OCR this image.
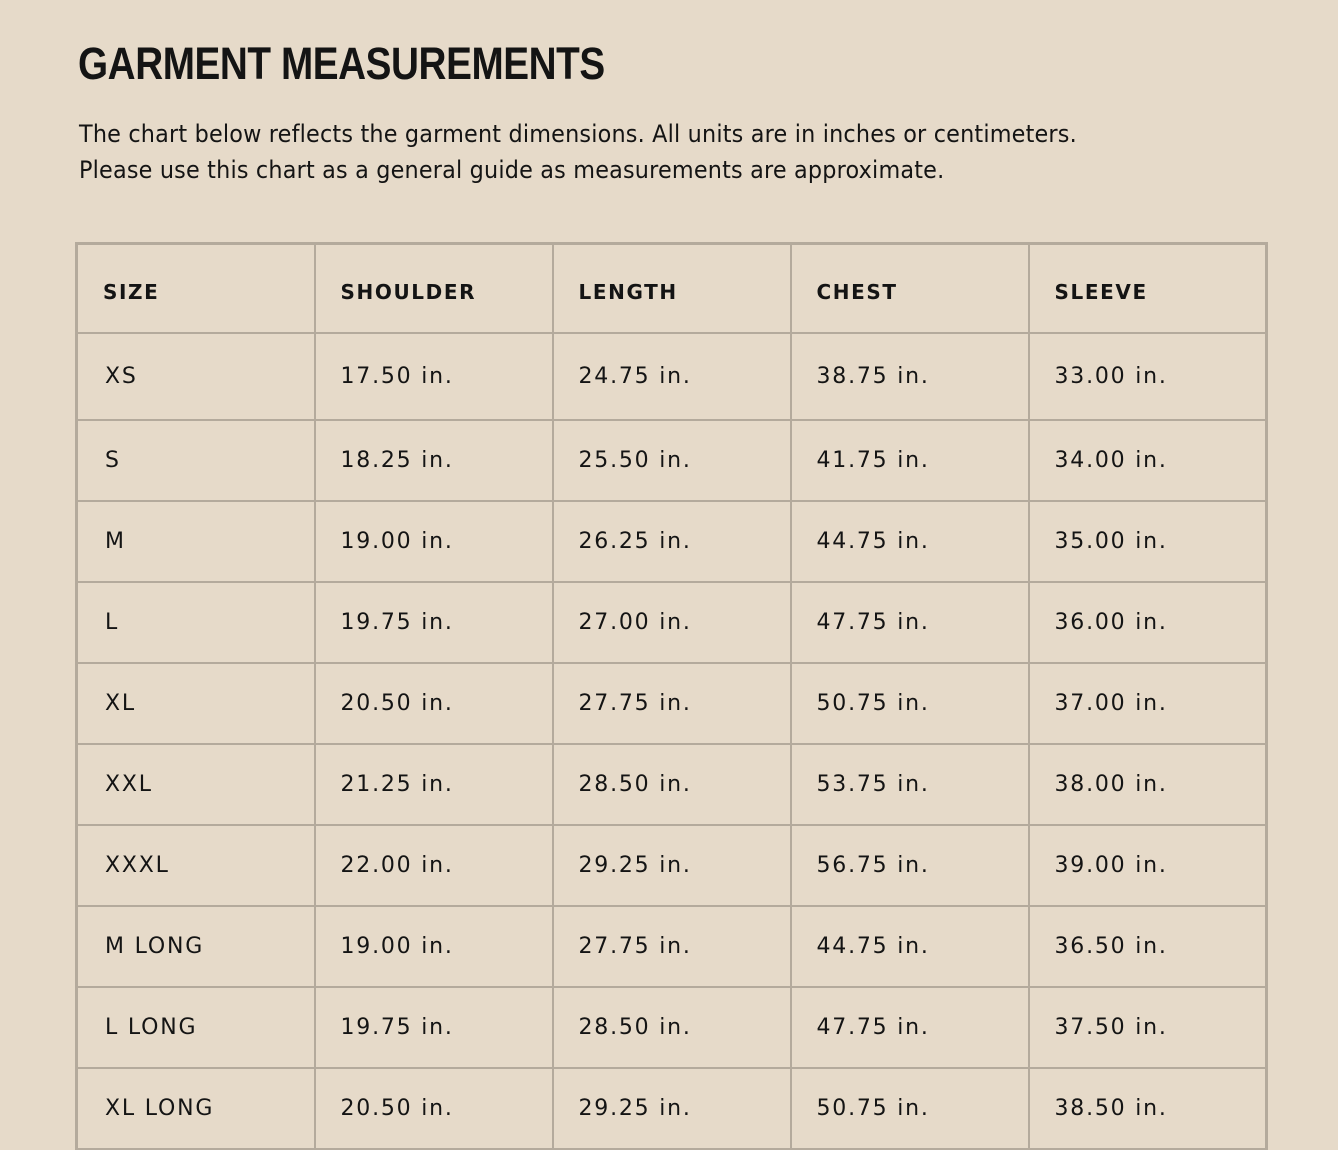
GARMENT MEASUREMENTS

The chart below reflects the garment dimensions. All units are in inches or centimeters.

Please use this chart as a general guide as measurements are approximate.

SIZE	SHOULDER	LENGTH	CHEST	SLEEVE
XS	17.50 in.	24.75 in.	38.75 in.	33.00 in.
S	18.25 in.	25.50 in.	41.75 in.	34.00 in.
M	19.00 in.	26.25 in.	44.75 in.	35.00 in.
L	19.75 in.	27.00 in.	47.75 in.	36.00 in.
XL	20.50 in.	27.75 in.	50.75 in.	37.00 in.
XXL	21.25 in.	28.50 in.	53.75 in.	38.00 in.
XXXL	22.00 in.	29.25 in.	56.75 in.	39.00 in.
M LONG	19.00 in.	27.75 in.	44.75 in.	36.50 in.
L LONG	19.75 in.	28.50 in.	47.75 in.	37.50 in.
XL LONG	20.50 in.	29.25 in.	50.75 in.	38.50 in.
